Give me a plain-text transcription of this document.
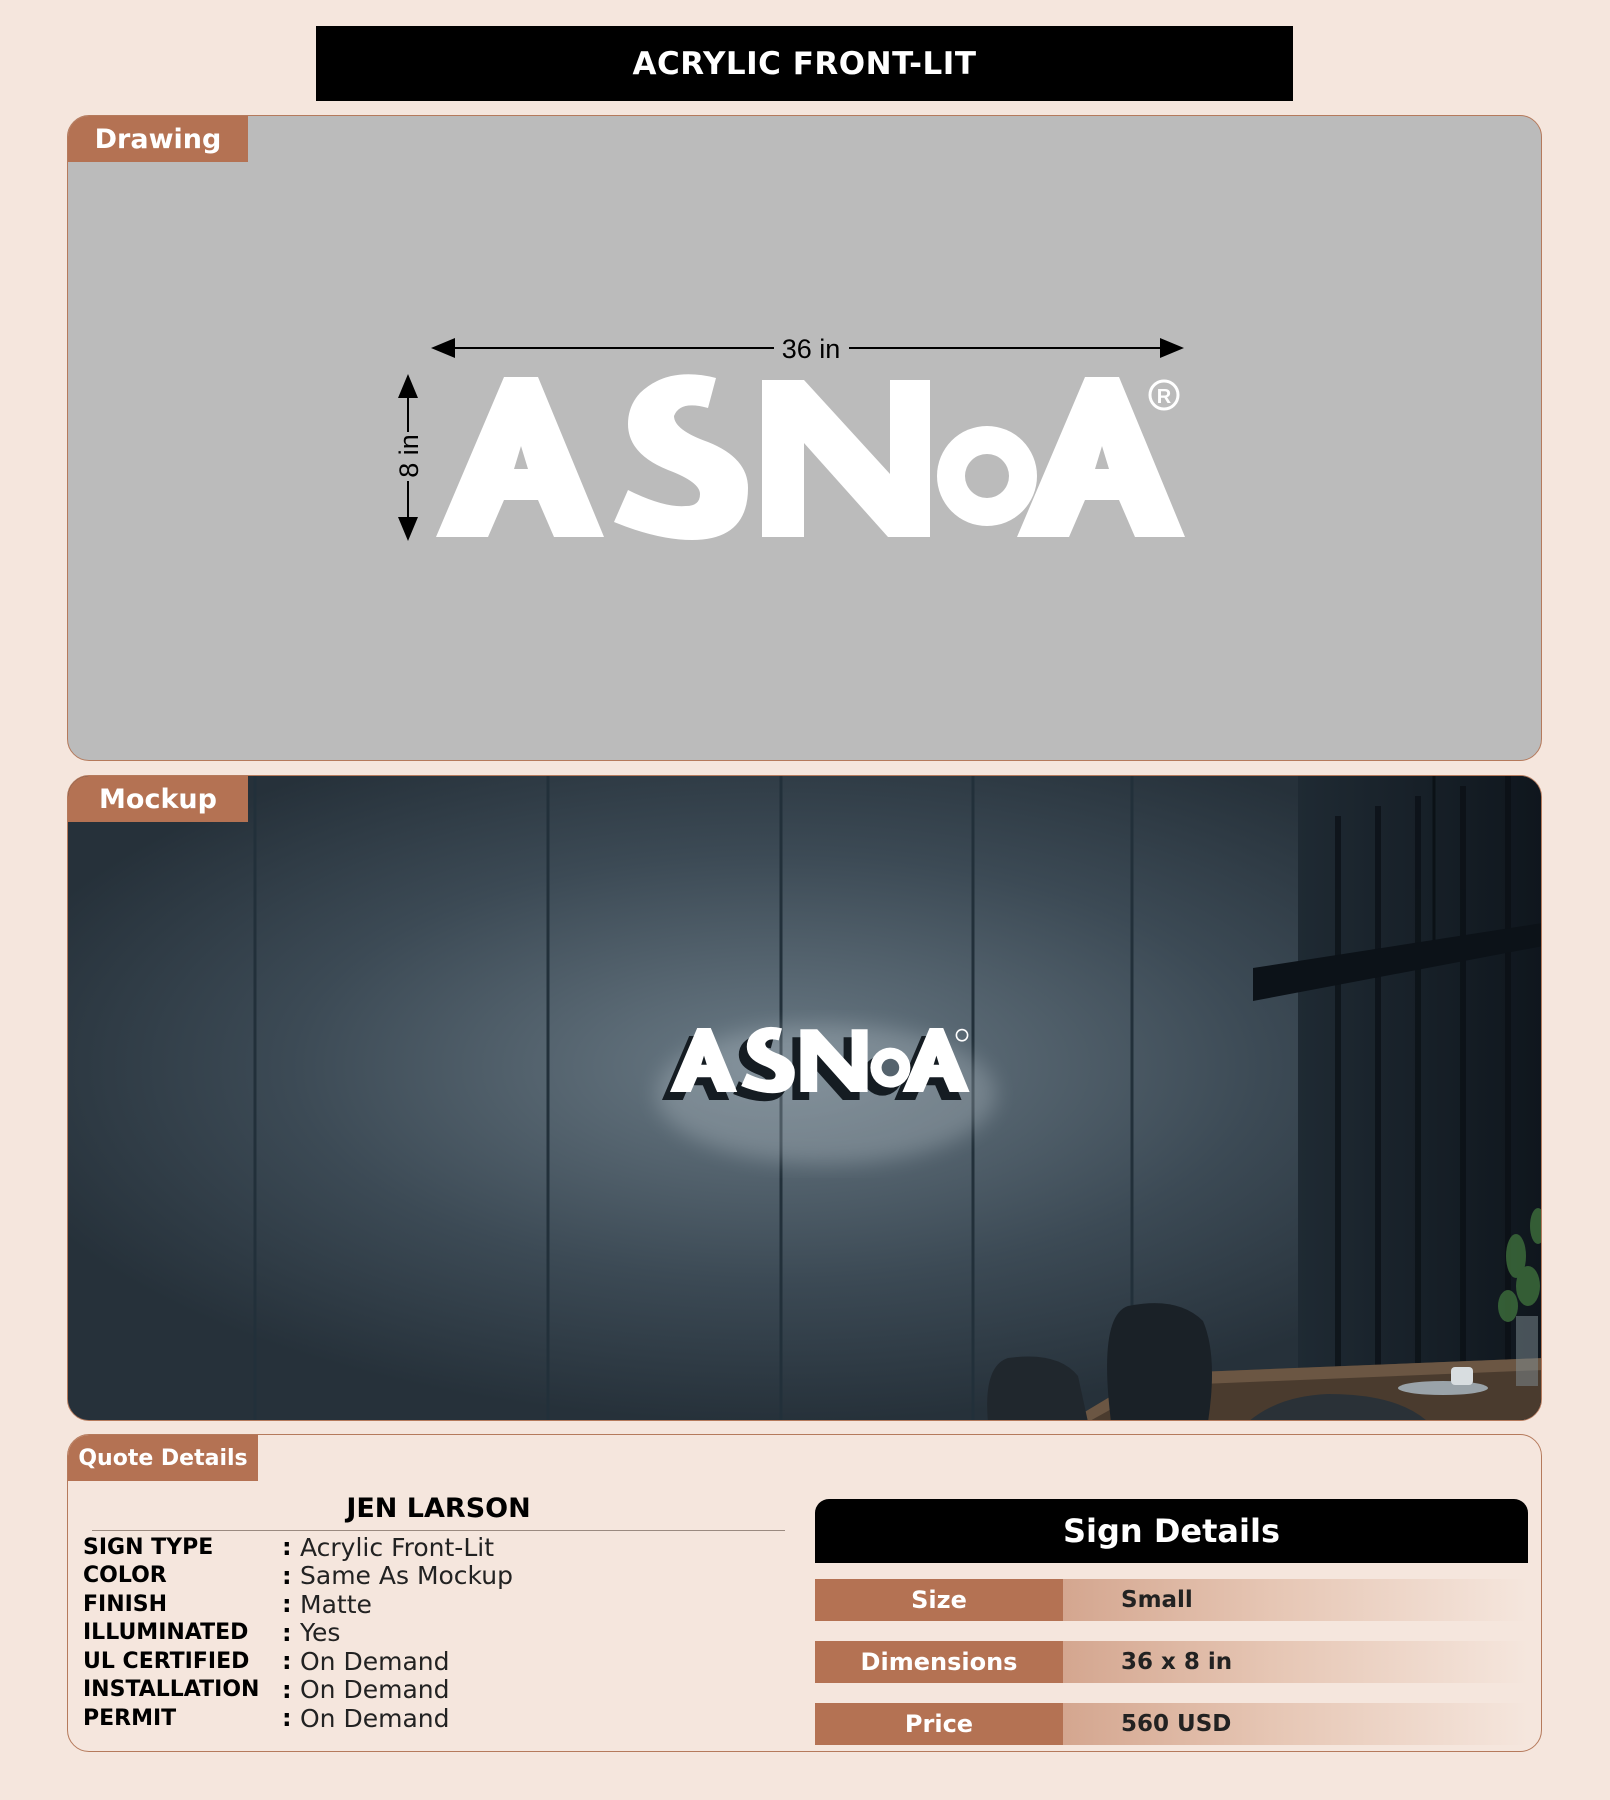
ACRYLIC FRONT-LIT
Drawing
36 in
8 in
R
Mockup
Quote Details
JEN LARSON
SIGN TYPE	: Acrylic Front-Lit
COLOR	: Same As Mockup
FINISH	: Matte
ILLUMINATED	: Yes
UL CERTIFIED	: On Demand
INSTALLATION : On Demand
PERMIT	: On Demand
Sign Details
Size	Small
Dimensions	36 x 8 in
Price	560 USD
